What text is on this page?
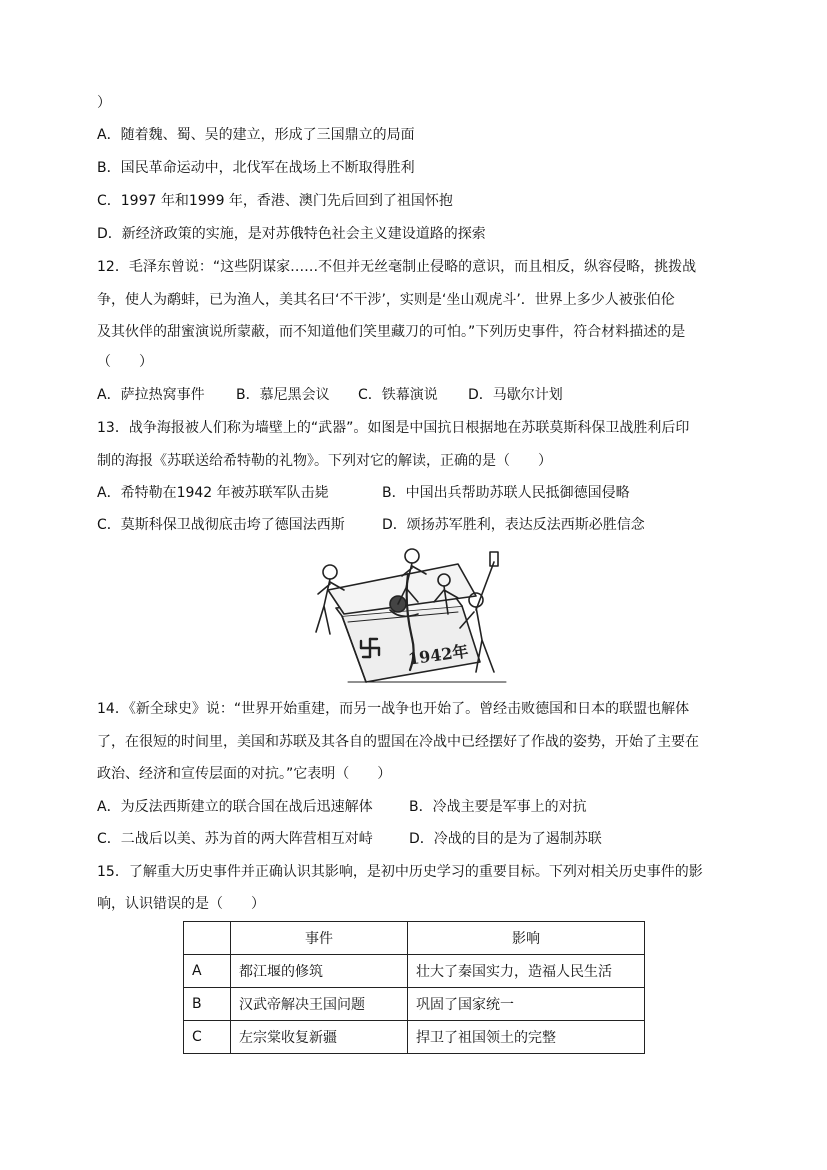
）
A．随着魏、蜀、吴的建立，形成了三国鼎立的局面
B．国民革命运动中，北伐军在战场上不断取得胜利
C．1997 年和1999 年，香港、澳门先后回到了祖国怀抱
D．新经济政策的实施，是对苏俄特色社会主义建设道路的探索
12．毛泽东曾说：“这些阴谋家……不但并无丝毫制止侵略的意识，而且相反，纵容侵略，挑拨战
争，使人为鹬蚌，已为渔人，美其名曰‘不干涉’，实则是‘坐山观虎斗’．世界上多少人被张伯伦
及其伙伴的甜蜜演说所蒙蔽，而不知道他们笑里藏刀的可怕。”下列历史事件，符合材料描述的是
（　　）
A．萨拉热窝事件 B．慕尼黑会议 C．铁幕演说 D．马歇尔计划
13．战争海报被人们称为墙壁上的“武器”。如图是中国抗日根据地在苏联莫斯科保卫战胜利后印
制的海报《苏联送给希特勒的礼物》。下列对它的解读，正确的是（　　）
A．希特勒在1942 年被苏联军队击毙	B．中国出兵帮助苏联人民抵御德国侵略
C．莫斯科保卫战彻底击垮了德国法西斯	D．颂扬苏军胜利，表达反法西斯必胜信念
1942年
14．《新全球史》说：“世界开始重建，而另一战争也开始了。曾经击败德国和日本的联盟也解体
了，在很短的时间里，美国和苏联及其各自的盟国在冷战中已经摆好了作战的姿势，开始了主要在
政治、经济和宣传层面的对抗。”它表明（　　）
A．为反法西斯建立的联合国在战后迅速解体	B．冷战主要是军事上的对抗
C．二战后以美、苏为首的两大阵营相互对峙	D．冷战的目的是为了遏制苏联
15．了解重大历史事件并正确认识其影响，是初中历史学习的重要目标。下列对相关历史事件的影
响，认识错误的是（　　）
	事件	影响
A	都江堰的修筑	壮大了秦国实力，造福人民生活
B	汉武帝解决王国问题	巩固了国家统一
C	左宗棠收复新疆	捍卫了祖国领土的完整
